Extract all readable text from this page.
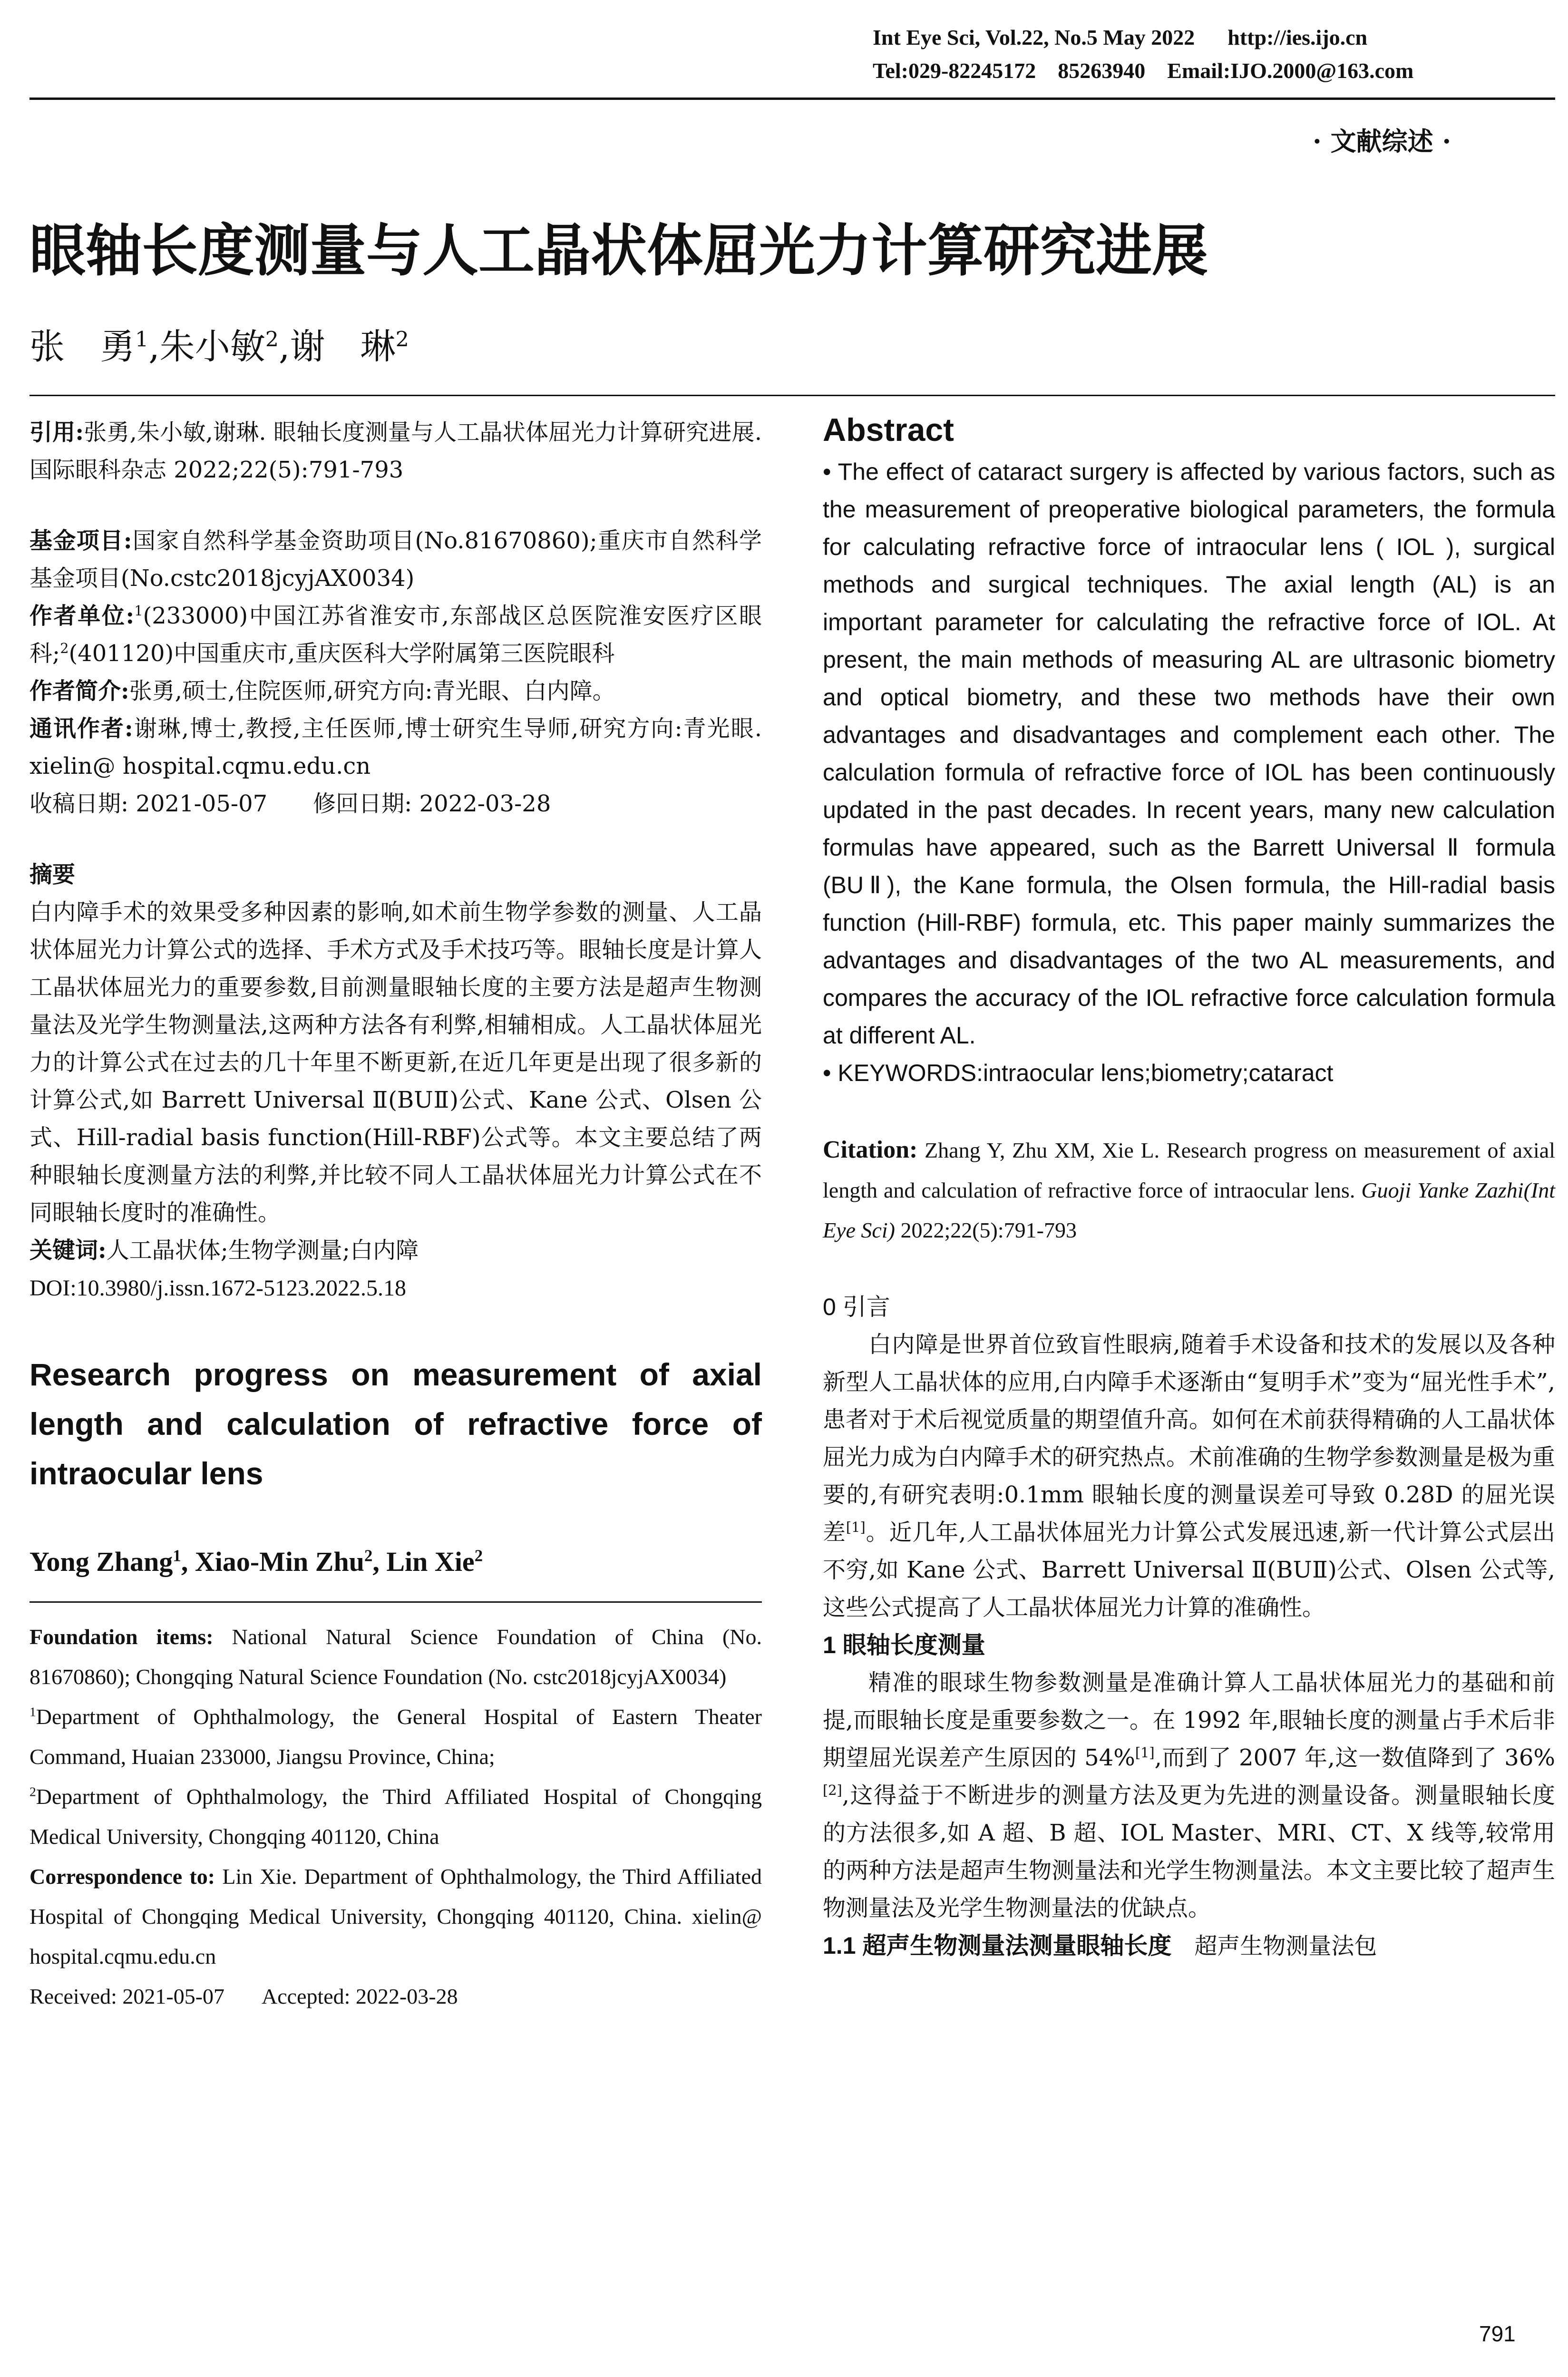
Int Eye Sci, Vol.22, No.5 May 2022      http://ies.ijo.cn
Tel:029-82245172    85263940    Email:IJO.2000@163.com
· 文献综述 ·
眼轴长度测量与人工晶状体屈光力计算研究进展
张　勇$^1$,朱小敏$^2$,谢　琳$^2$

引用:张勇,朱小敏,谢琳. 眼轴长度测量与人工晶状体屈光力计算研究进展. 国际眼科杂志 2022;22(5):791-793

基金项目:国家自然科学基金资助项目(No.81670860);重庆市自然科学基金项目(No.cstc2018jcyjAX0034)

作者单位:$^1$(233000)中国江苏省淮安市,东部战区总医院淮安医疗区眼科;$^2$(401120)中国重庆市,重庆医科大学附属第三医院眼科

作者简介:张勇,硕士,住院医师,研究方向:青光眼、白内障。

通讯作者:谢琳,博士,教授,主任医师,博士研究生导师,研究方向:青光眼. xielin@ hospital.cqmu.edu.cn

收稿日期: 2021-05-07　　修回日期: 2022-03-28

摘要

白内障手术的效果受多种因素的影响,如术前生物学参数的测量、人工晶状体屈光力计算公式的选择、手术方式及手术技巧等。眼轴长度是计算人工晶状体屈光力的重要参数,目前测量眼轴长度的主要方法是超声生物测量法及光学生物测量法,这两种方法各有利弊,相辅相成。人工晶状体屈光力的计算公式在过去的几十年里不断更新,在近几年更是出现了很多新的计算公式,如 Barrett Universal Ⅱ(BUⅡ)公式、Kane 公式、Olsen 公式、Hill-radial basis function(Hill-RBF)公式等。本文主要总结了两种眼轴长度测量方法的利弊,并比较不同人工晶状体屈光力计算公式在不同眼轴长度时的准确性。

关键词:人工晶状体;生物学测量;白内障

DOI:10.3980/j.issn.1672-5123.2022.5.18

Research progress on measurement of axial length and calculation of refractive force of intraocular lens

Yong Zhang$^1$, Xiao-Min Zhu$^2$, Lin Xie$^2$

Foundation items: National Natural Science Foundation of China (No. 81670860); Chongqing Natural Science Foundation (No. cstc2018jcyjAX0034)

$^1$Department of Ophthalmology, the General Hospital of Eastern Theater Command, Huaian 233000, Jiangsu Province, China;

$^2$Department of Ophthalmology, the Third Affiliated Hospital of Chongqing Medical University, Chongqing 401120, China

Correspondence to: Lin Xie. Department of Ophthalmology, the Third Affiliated Hospital of Chongqing Medical University, Chongqing 401120, China. xielin@ hospital.cqmu.edu.cn

Received: 2021-05-07       Accepted: 2022-03-28

Abstract

• The effect of cataract surgery is affected by various factors, such as the measurement of preoperative biological parameters, the formula for calculating refractive force of intraocular lens ( IOL ), surgical methods and surgical techniques. The axial length (AL) is an important parameter for calculating the refractive force of IOL. At present, the main methods of measuring AL are ultrasonic biometry and optical biometry, and these two methods have their own advantages and disadvantages and complement each other. The calculation formula of refractive force of IOL has been continuously updated in the past decades. In recent years, many new calculation formulas have appeared, such as the Barrett Universal Ⅱ formula (BUⅡ), the Kane formula, the Olsen formula, the Hill-radial basis function (Hill-RBF) formula, etc. This paper mainly summarizes the advantages and disadvantages of the two AL measurements, and compares the accuracy of the IOL refractive force calculation formula at different AL.

• KEYWORDS:intraocular lens;biometry;cataract

Citation: Zhang Y, Zhu XM, Xie L. Research progress on measurement of axial length and calculation of refractive force of intraocular lens. Guoji Yanke Zazhi(Int Eye Sci) 2022;22(5):791-793

0 引言

白内障是世界首位致盲性眼病,随着手术设备和技术的发展以及各种新型人工晶状体的应用,白内障手术逐渐由“复明手术”变为“屈光性手术”,患者对于术后视觉质量的期望值升高。如何在术前获得精确的人工晶状体屈光力成为白内障手术的研究热点。术前准确的生物学参数测量是极为重要的,有研究表明:0.1mm 眼轴长度的测量误差可导致 0.28D 的屈光误差[1]。近几年,人工晶状体屈光力计算公式发展迅速,新一代计算公式层出不穷,如 Kane 公式、Barrett Universal Ⅱ(BUⅡ)公式、Olsen 公式等,这些公式提高了人工晶状体屈光力计算的准确性。

1 眼轴长度测量

精准的眼球生物参数测量是准确计算人工晶状体屈光力的基础和前提,而眼轴长度是重要参数之一。在 1992 年,眼轴长度的测量占手术后非期望屈光误差产生原因的 54%[1],而到了 2007 年,这一数值降到了 36%[2],这得益于不断进步的测量方法及更为先进的测量设备。测量眼轴长度的方法很多,如 A 超、B 超、IOL Master、MRI、CT、X 线等,较常用的两种方法是超声生物测量法和光学生物测量法。本文主要比较了超声生物测量法及光学生物测量法的优缺点。

1.1 超声生物测量法测量眼轴长度　 超声生物测量法包

791
